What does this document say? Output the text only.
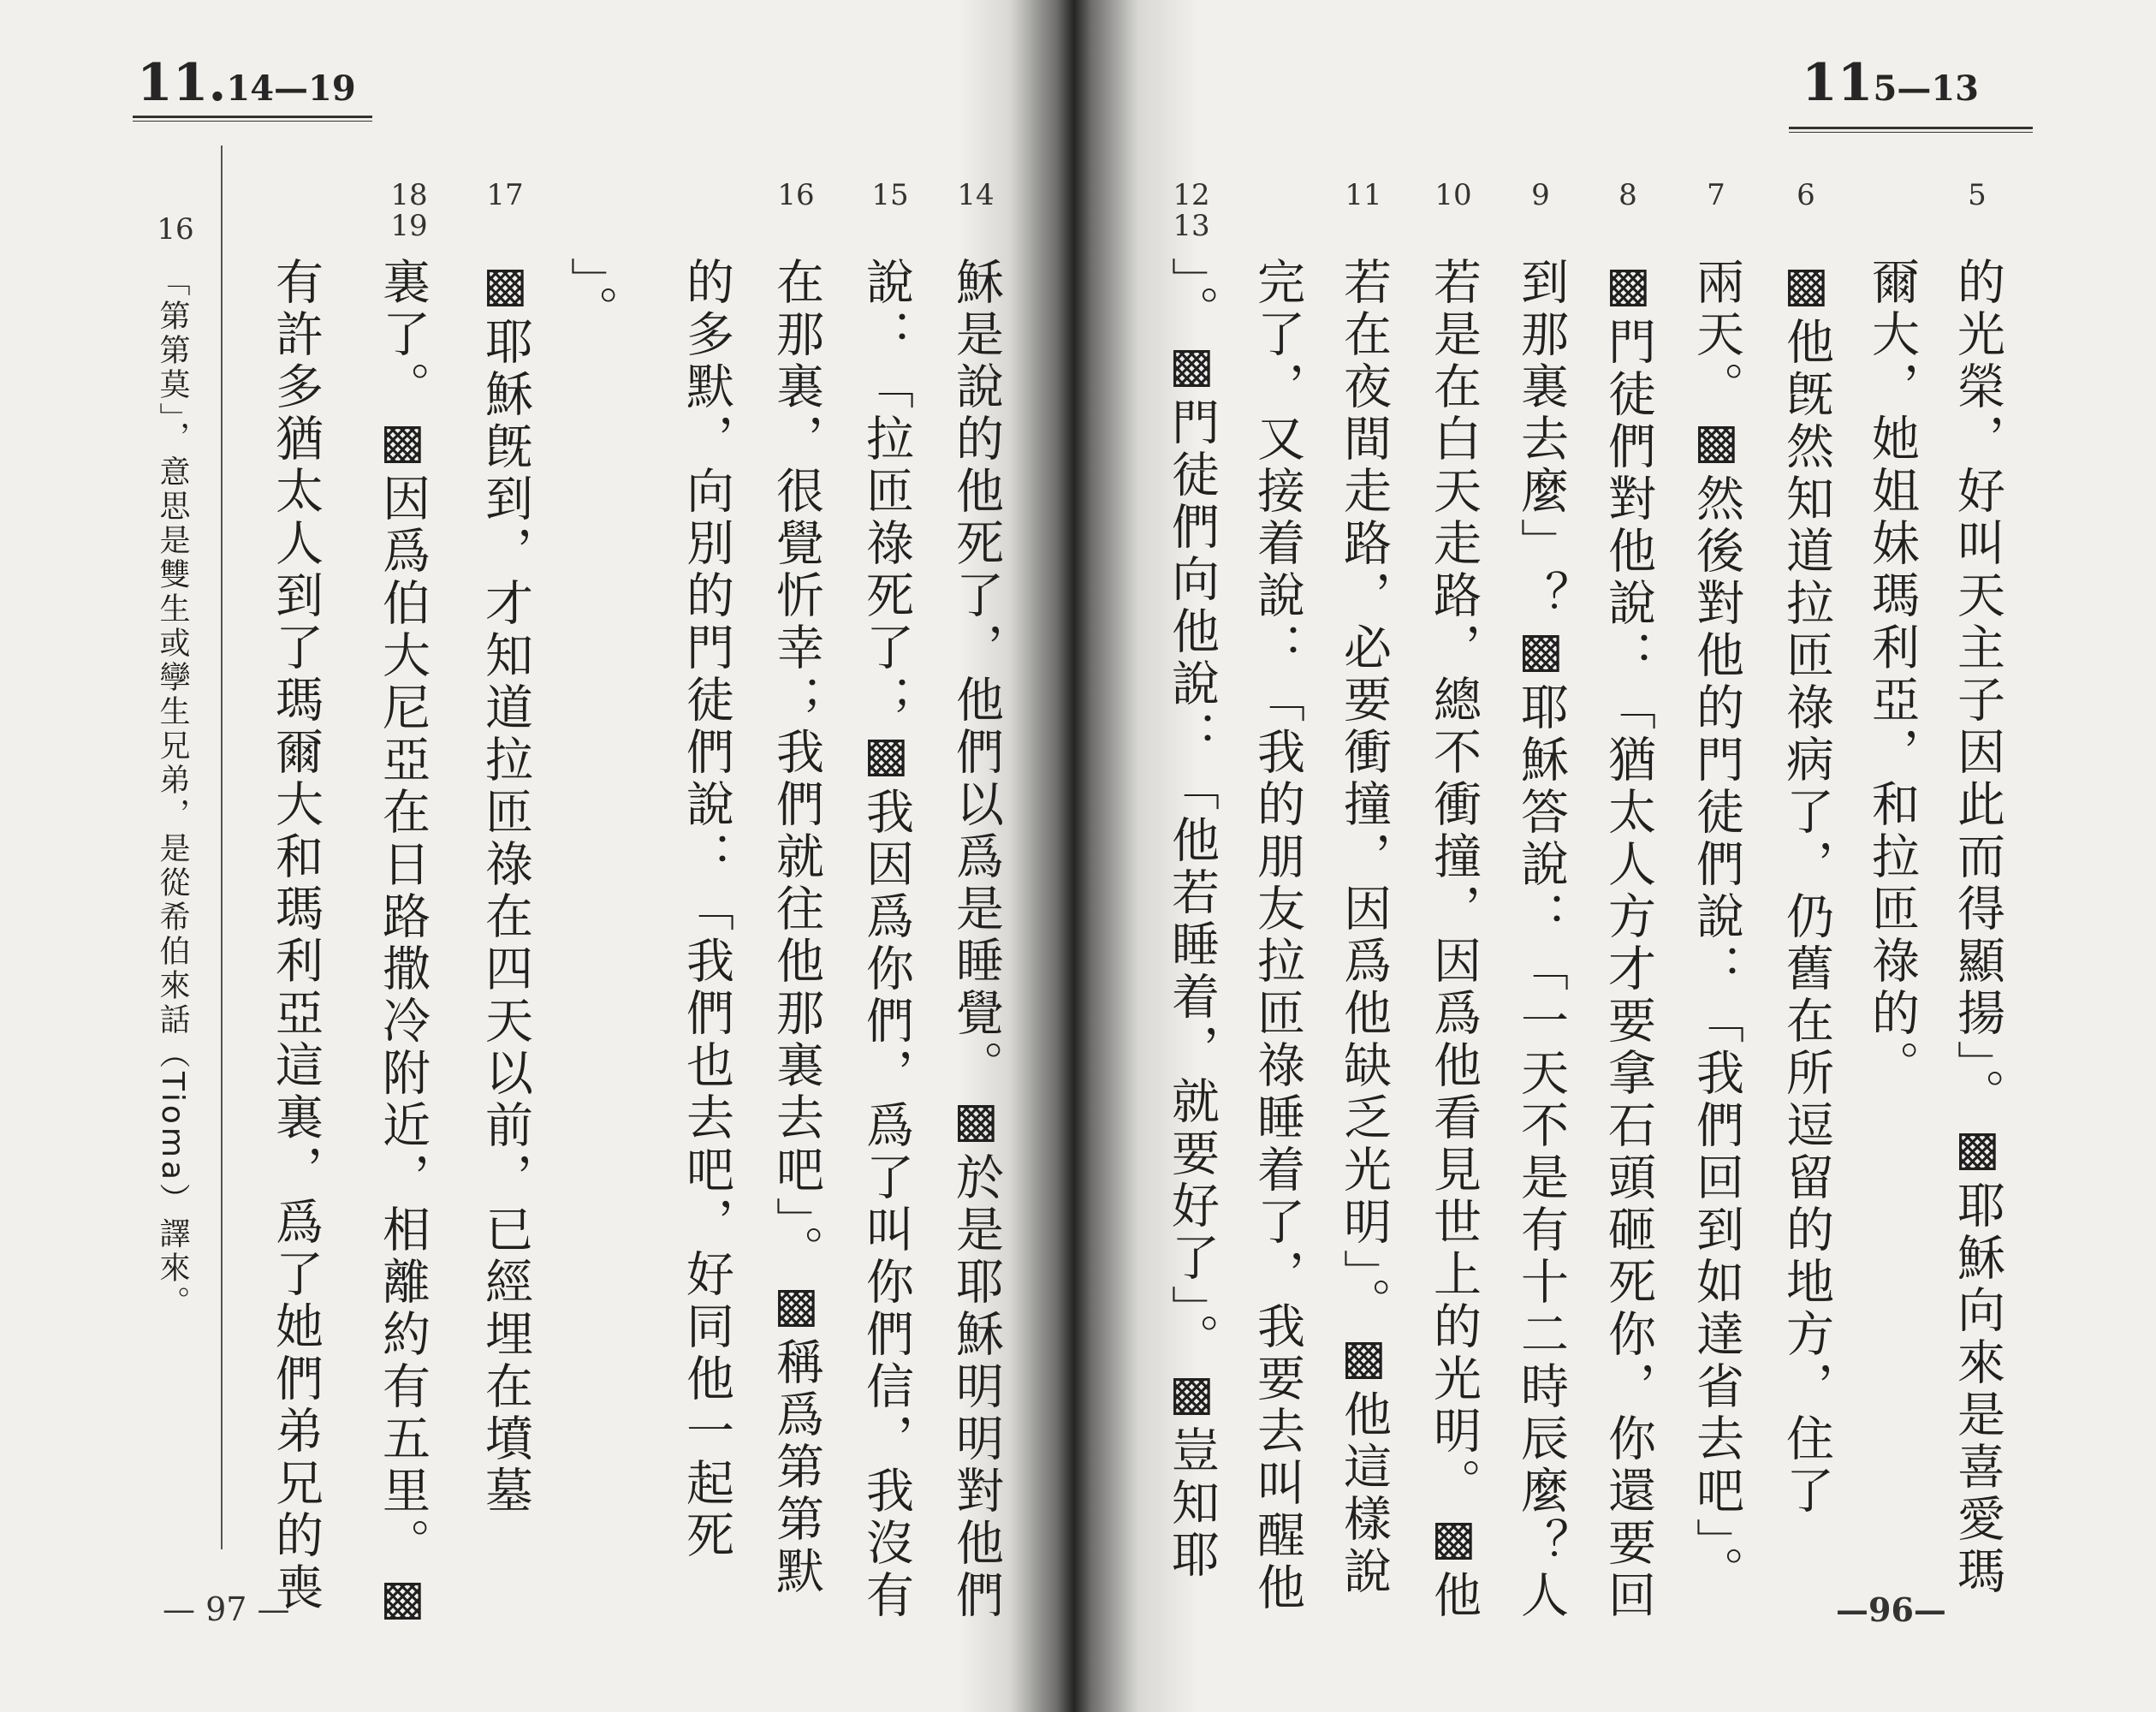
11.14—19
14
15
16
17
18
19
穌是說的他死了，他們以爲是睡覺。▩於是耶穌明明對他們
說：「拉匝祿死了；▩我因爲你們，爲了叫你們信，我沒有
在那裏，很覺忻幸；我們就往他那裏去吧」。▩稱爲第第默
的多默，向別的門徒們說：「我們也去吧，好同他一起死
」。
▩耶穌旣到，才知道拉匝祿在四天以前，已經埋在墳墓
裏了。▩因爲伯大尼亞在日路撒冷附近，相離約有五里。▩
有許多猶太人到了瑪爾大和瑪利亞這裏，爲了她們弟兄的喪
16
「第第莫」，意思是雙生或孿生兄弟，是從希伯來話（Tioma）譯來。
— 97 —
115—13
5
6
7
8
9
10
11
12
13
的光榮，好叫天主子因此而得顯揚」。▩耶穌向來是喜愛瑪
爾大，她姐妹瑪利亞，和拉匝祿的。
▩他旣然知道拉匝祿病了，仍舊在所逗留的地方，住了
兩天。▩然後對他的門徒們說：「我們回到如達省去吧」。
▩門徒們對他說：「猶太人方才要拿石頭砸死你，你還要回
到那裏去麼」？▩耶穌答說：「一天不是有十二時辰麼？人
若是在白天走路，總不衝撞，因爲他看見世上的光明。▩他
若在夜間走路，必要衝撞，因爲他缺乏光明」。▩他這樣說
完了，又接着說：「我的朋友拉匝祿睡着了，我要去叫醒他
」。▩門徒們向他說：「他若睡着，就要好了」。▩豈知耶
—96—
